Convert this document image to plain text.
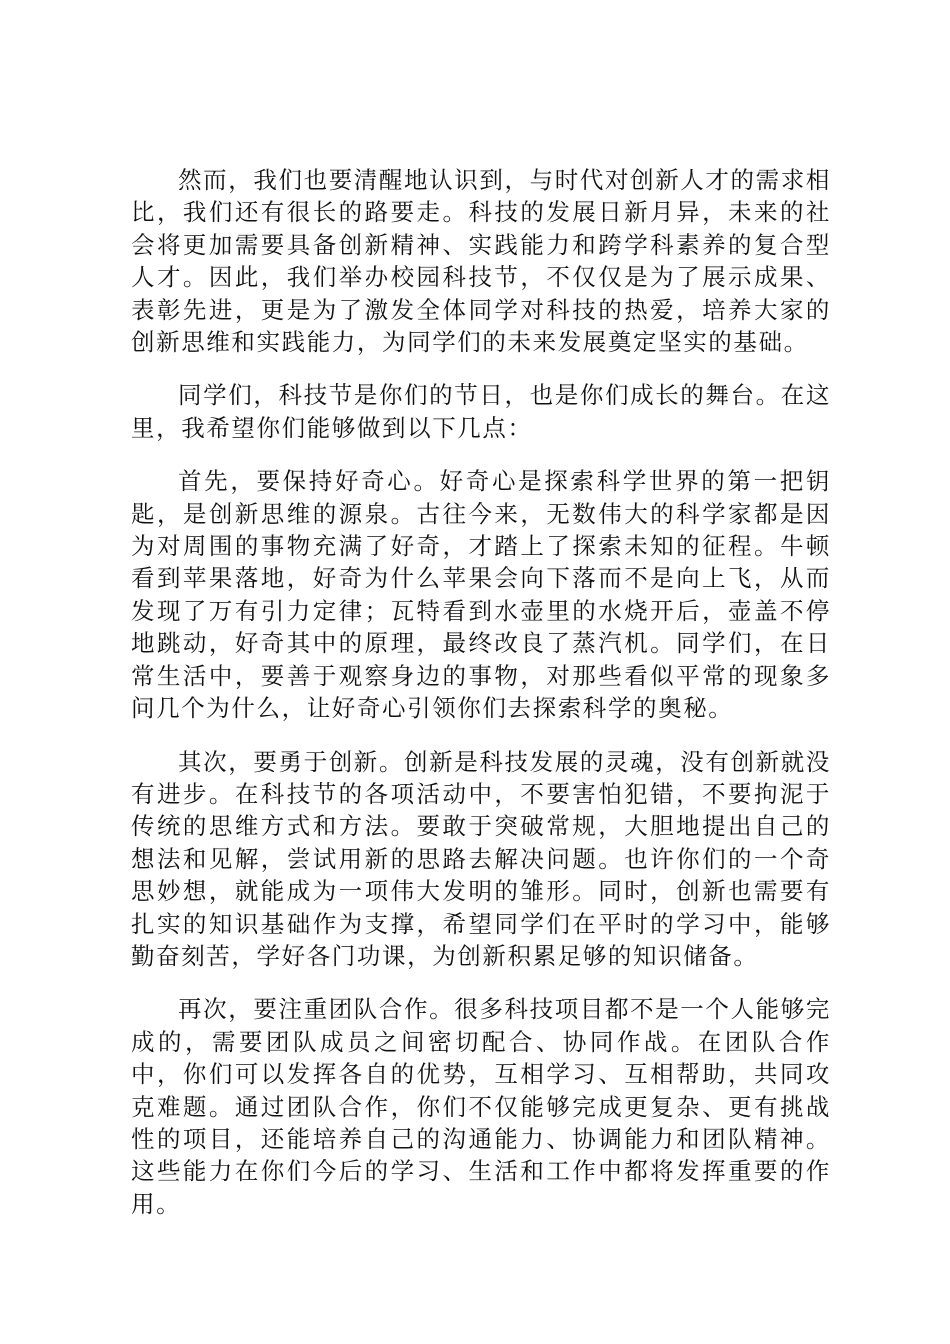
然而，我们也要清醒地认识到，与时代对创新人才的需求相比，我们还有很长的路要走。科技的发展日新月异，未来的社会将更加需要具备创新精神、实践能力和跨学科素养的复合型人才。因此，我们举办校园科技节，不仅仅是为了展示成果、表彰先进，更是为了激发全体同学对科技的热爱，培养大家的创新思维和实践能力，为同学们的未来发展奠定坚实的基础。

同学们，科技节是你们的节日，也是你们成长的舞台。在这里，我希望你们能够做到以下几点：

首先，要保持好奇心。好奇心是探索科学世界的第一把钥匙，是创新思维的源泉。古往今来，无数伟大的科学家都是因为对周围的事物充满了好奇，才踏上了探索未知的征程。牛顿看到苹果落地，好奇为什么苹果会向下落而不是向上飞，从而发现了万有引力定律；瓦特看到水壶里的水烧开后，壶盖不停地跳动，好奇其中的原理，最终改良了蒸汽机。同学们，在日常生活中，要善于观察身边的事物，对那些看似平常的现象多问几个为什么，让好奇心引领你们去探索科学的奥秘。

其次，要勇于创新。创新是科技发展的灵魂，没有创新就没有进步。在科技节的各项活动中，不要害怕犯错，不要拘泥于传统的思维方式和方法。要敢于突破常规，大胆地提出自己的想法和见解，尝试用新的思路去解决问题。也许你们的一个奇思妙想，就能成为一项伟大发明的雏形。同时，创新也需要有扎实的知识基础作为支撑，希望同学们在平时的学习中，能够勤奋刻苦，学好各门功课，为创新积累足够的知识储备。

再次，要注重团队合作。很多科技项目都不是一个人能够完成的，需要团队成员之间密切配合、协同作战。在团队合作中，你们可以发挥各自的优势，互相学习、互相帮助，共同攻克难题。通过团队合作，你们不仅能够完成更复杂、更有挑战性的项目，还能培养自己的沟通能力、协调能力和团队精神。这些能力在你们今后的学习、生活和工作中都将发挥重要的作用。
